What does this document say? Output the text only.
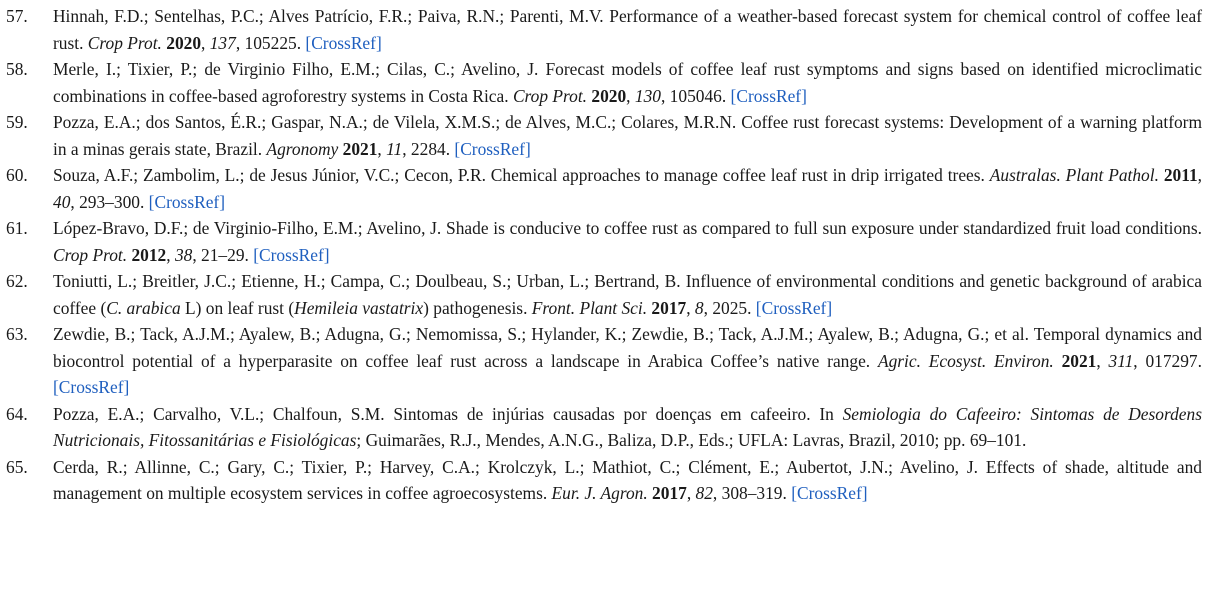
57. Hinnah, F.D.; Sentelhas, P.C.; Alves Patrício, F.R.; Paiva, R.N.; Parenti, M.V. Performance of a weather-based forecast system for chemical control of coffee leaf rust. Crop Prot. 2020, 137, 105225. [CrossRef]

58. Merle, I.; Tixier, P.; de Virginio Filho, E.M.; Cilas, C.; Avelino, J. Forecast models of coffee leaf rust symptoms and signs based on identified microclimatic combinations in coffee-based agroforestry systems in Costa Rica. Crop Prot. 2020, 130, 105046. [CrossRef]

59. Pozza, E.A.; dos Santos, É.R.; Gaspar, N.A.; de Vilela, X.M.S.; de Alves, M.C.; Colares, M.R.N. Coffee rust forecast systems: Development of a warning platform in a minas gerais state, Brazil. Agronomy 2021, 11, 2284. [CrossRef]

60. Souza, A.F.; Zambolim, L.; de Jesus Júnior, V.C.; Cecon, P.R. Chemical approaches to manage coffee leaf rust in drip irrigated trees. Australas. Plant Pathol. 2011, 40, 293–300. [CrossRef]

61. López-Bravo, D.F.; de Virginio-Filho, E.M.; Avelino, J. Shade is conducive to coffee rust as compared to full sun exposure under standardized fruit load conditions. Crop Prot. 2012, 38, 21–29. [CrossRef]

62. Toniutti, L.; Breitler, J.C.; Etienne, H.; Campa, C.; Doulbeau, S.; Urban, L.; Bertrand, B. Influence of environmental conditions and genetic background of arabica coffee (C. arabica L) on leaf rust (Hemileia vastatrix) pathogenesis. Front. Plant Sci. 2017, 8, 2025. [CrossRef]

63. Zewdie, B.; Tack, A.J.M.; Ayalew, B.; Adugna, G.; Nemomissa, S.; Hylander, K.; Zewdie, B.; Tack, A.J.M.; Ayalew, B.; Adugna, G.; et al. Temporal dynamics and biocontrol potential of a hyperparasite on coffee leaf rust across a landscape in Arabica Coffee’s native range. Agric. Ecosyst. Environ. 2021, 311, 017297. [CrossRef]

64. Pozza, E.A.; Carvalho, V.L.; Chalfoun, S.M. Sintomas de injúrias causadas por doenças em cafeeiro. In Semiologia do Cafeeiro: Sintomas de Desordens Nutricionais, Fitossanitárias e Fisiológicas; Guimarães, R.J., Mendes, A.N.G., Baliza, D.P., Eds.; UFLA: Lavras, Brazil, 2010; pp. 69–101.

65. Cerda, R.; Allinne, C.; Gary, C.; Tixier, P.; Harvey, C.A.; Krolczyk, L.; Mathiot, C.; Clément, E.; Aubertot, J.N.; Avelino, J. Effects of shade, altitude and management on multiple ecosystem services in coffee agroecosystems. Eur. J. Agron. 2017, 82, 308–319. [CrossRef]
